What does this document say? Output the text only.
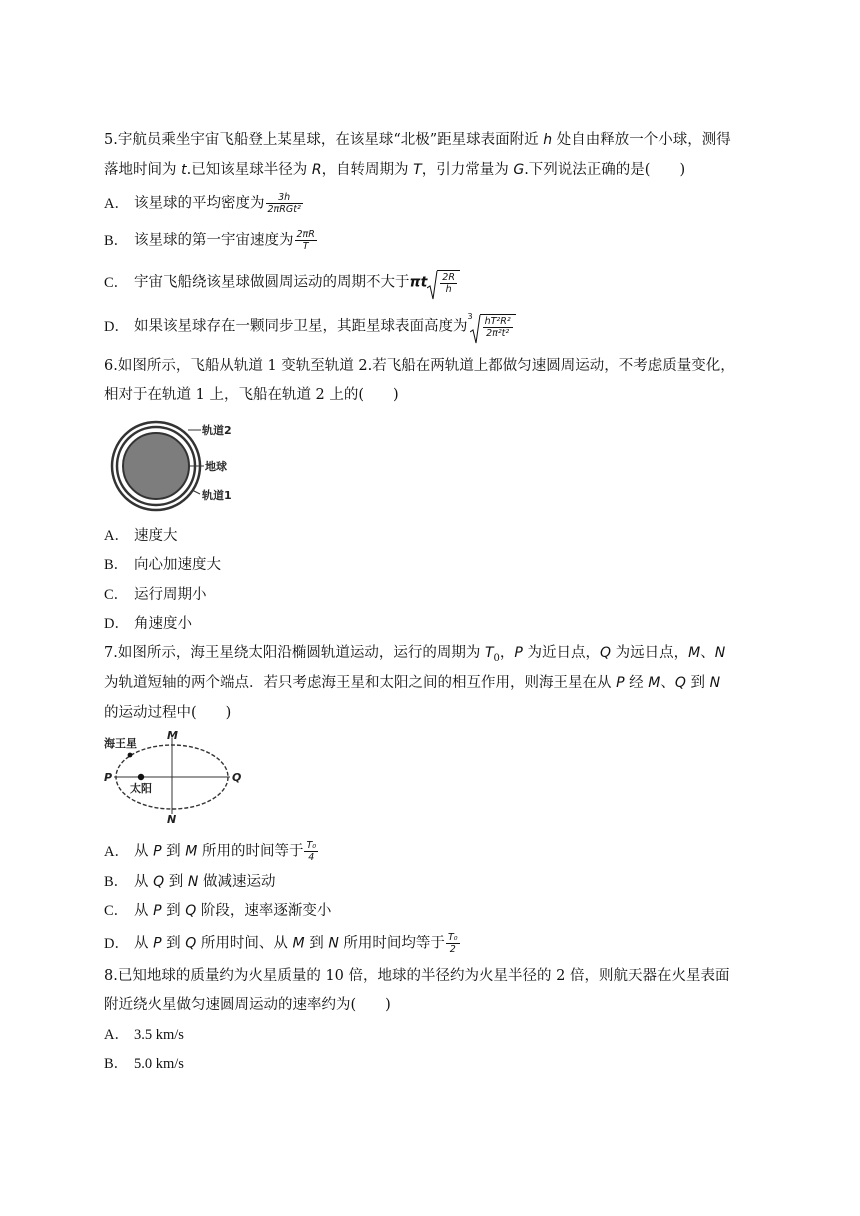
5.宇航员乘坐宇宙飞船登上某星球，在该星球“北极”距星球表面附近 h 处自由释放一个小球，测得
落地时间为 t.已知该星球半径为 R，自转周期为 T，引力常量为 G.下列说法正确的是(　　)
A． 该星球的平均密度为 $\frac{3h}{\text{2πRGt²}}$
B． 该星球的第一宇宙速度为 $\frac{2\pi R}{T}$
C． 宇宙飞船绕该星球做圆周运动的周期不大于πt $\frac{2R}{h}$
D． 如果该星球存在一颗同步卫星，其距星球表面高度为$^3 \frac{\text{hT²R²}}{\text{2π²t²}}$
6.如图所示，飞船从轨道 1 变轨至轨道 2.若飞船在两轨道上都做匀速圆周运动，不考虑质量变化，
相对于在轨道 1 上，飞船在轨道 2 上的(　　)
轨道2
地球
轨道1
A． 速度大
B． 向心加速度大
C． 运行周期小
D． 角速度小
7.如图所示，海王星绕太阳沿椭圆轨道运动，运行的周期为 $T_0$，P 为近日点，Q 为远日点，M、N
为轨道短轴的两个端点．若只考虑海王星和太阳之间的相互作用，则海王星在从 P 经 M、Q 到 N
的运动过程中(　　)
海王星
太阳
M
N
P	Q
A． 从 P 到 M 所用的时间等于 $\frac{\text{T₀}}{4}$
B． 从 Q 到 N 做减速运动
C． 从 P 到 Q 阶段，速率逐渐变小
D． 从 P 到 Q 所用时间、从 M 到 N 所用时间均等于 $\frac{\text{T₀}}{2}$
8.已知地球的质量约为火星质量的 10 倍，地球的半径约为火星半径的 2 倍，则航天器在火星表面
附近绕火星做匀速圆周运动的速率约为(　　)
A． 3.5 km/s
B． 5.0 km/s
